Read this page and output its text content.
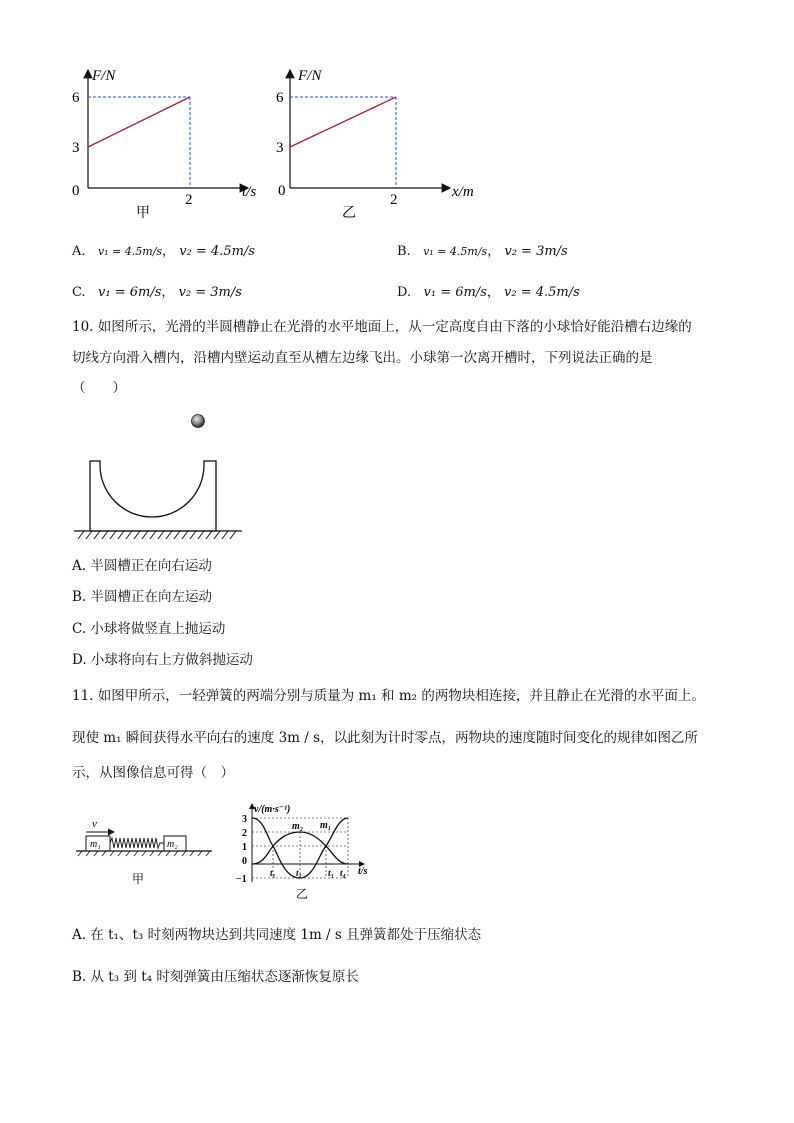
F/N
6
3
0
2	t/s
甲
F/N
6
3
0
2	x/m
乙
A. v₁ = 4.5m/s， v₂ = 4.5m/s	B. v₁ = 4.5m/s， v₂ = 3m/s
C. v₁ = 6m/s， v₂ = 3m/s	D. v₁ = 6m/s， v₂ = 4.5m/s
10. 如图所示，光滑的半圆槽静止在光滑的水平地面上，从一定高度自由下落的小球恰好能沿槽右边缘的
切线方向滑入槽内，沿槽内壁运动直至从槽左边缘飞出。小球第一次离开槽时，下列说法正确的是
（　　）
A. 半圆槽正在向右运动
B. 半圆槽正在向左运动
C. 小球将做竖直上抛运动
D. 小球将向右上方做斜抛运动
11. 如图甲所示，一轻弹簧的两端分别与质量为 m₁ 和 m₂ 的两物块相连接，并且静止在光滑的水平面上。
现使 m₁ 瞬间获得水平向右的速度 3m / s，以此刻为计时零点，两物块的速度随时间变化的规律如图乙所
示，从图像信息可得（　）
v
m₁	m₂
甲
v/(m·s⁻¹)
t/s
3
2
1
0
−1
m₂ m₁
t₁ t₂	t₃ t₄
乙
A. 在 t₁、t₃ 时刻两物块达到共同速度 1m / s 且弹簧都处于压缩状态
B. 从 t₃ 到 t₄ 时刻弹簧由压缩状态逐渐恢复原长
